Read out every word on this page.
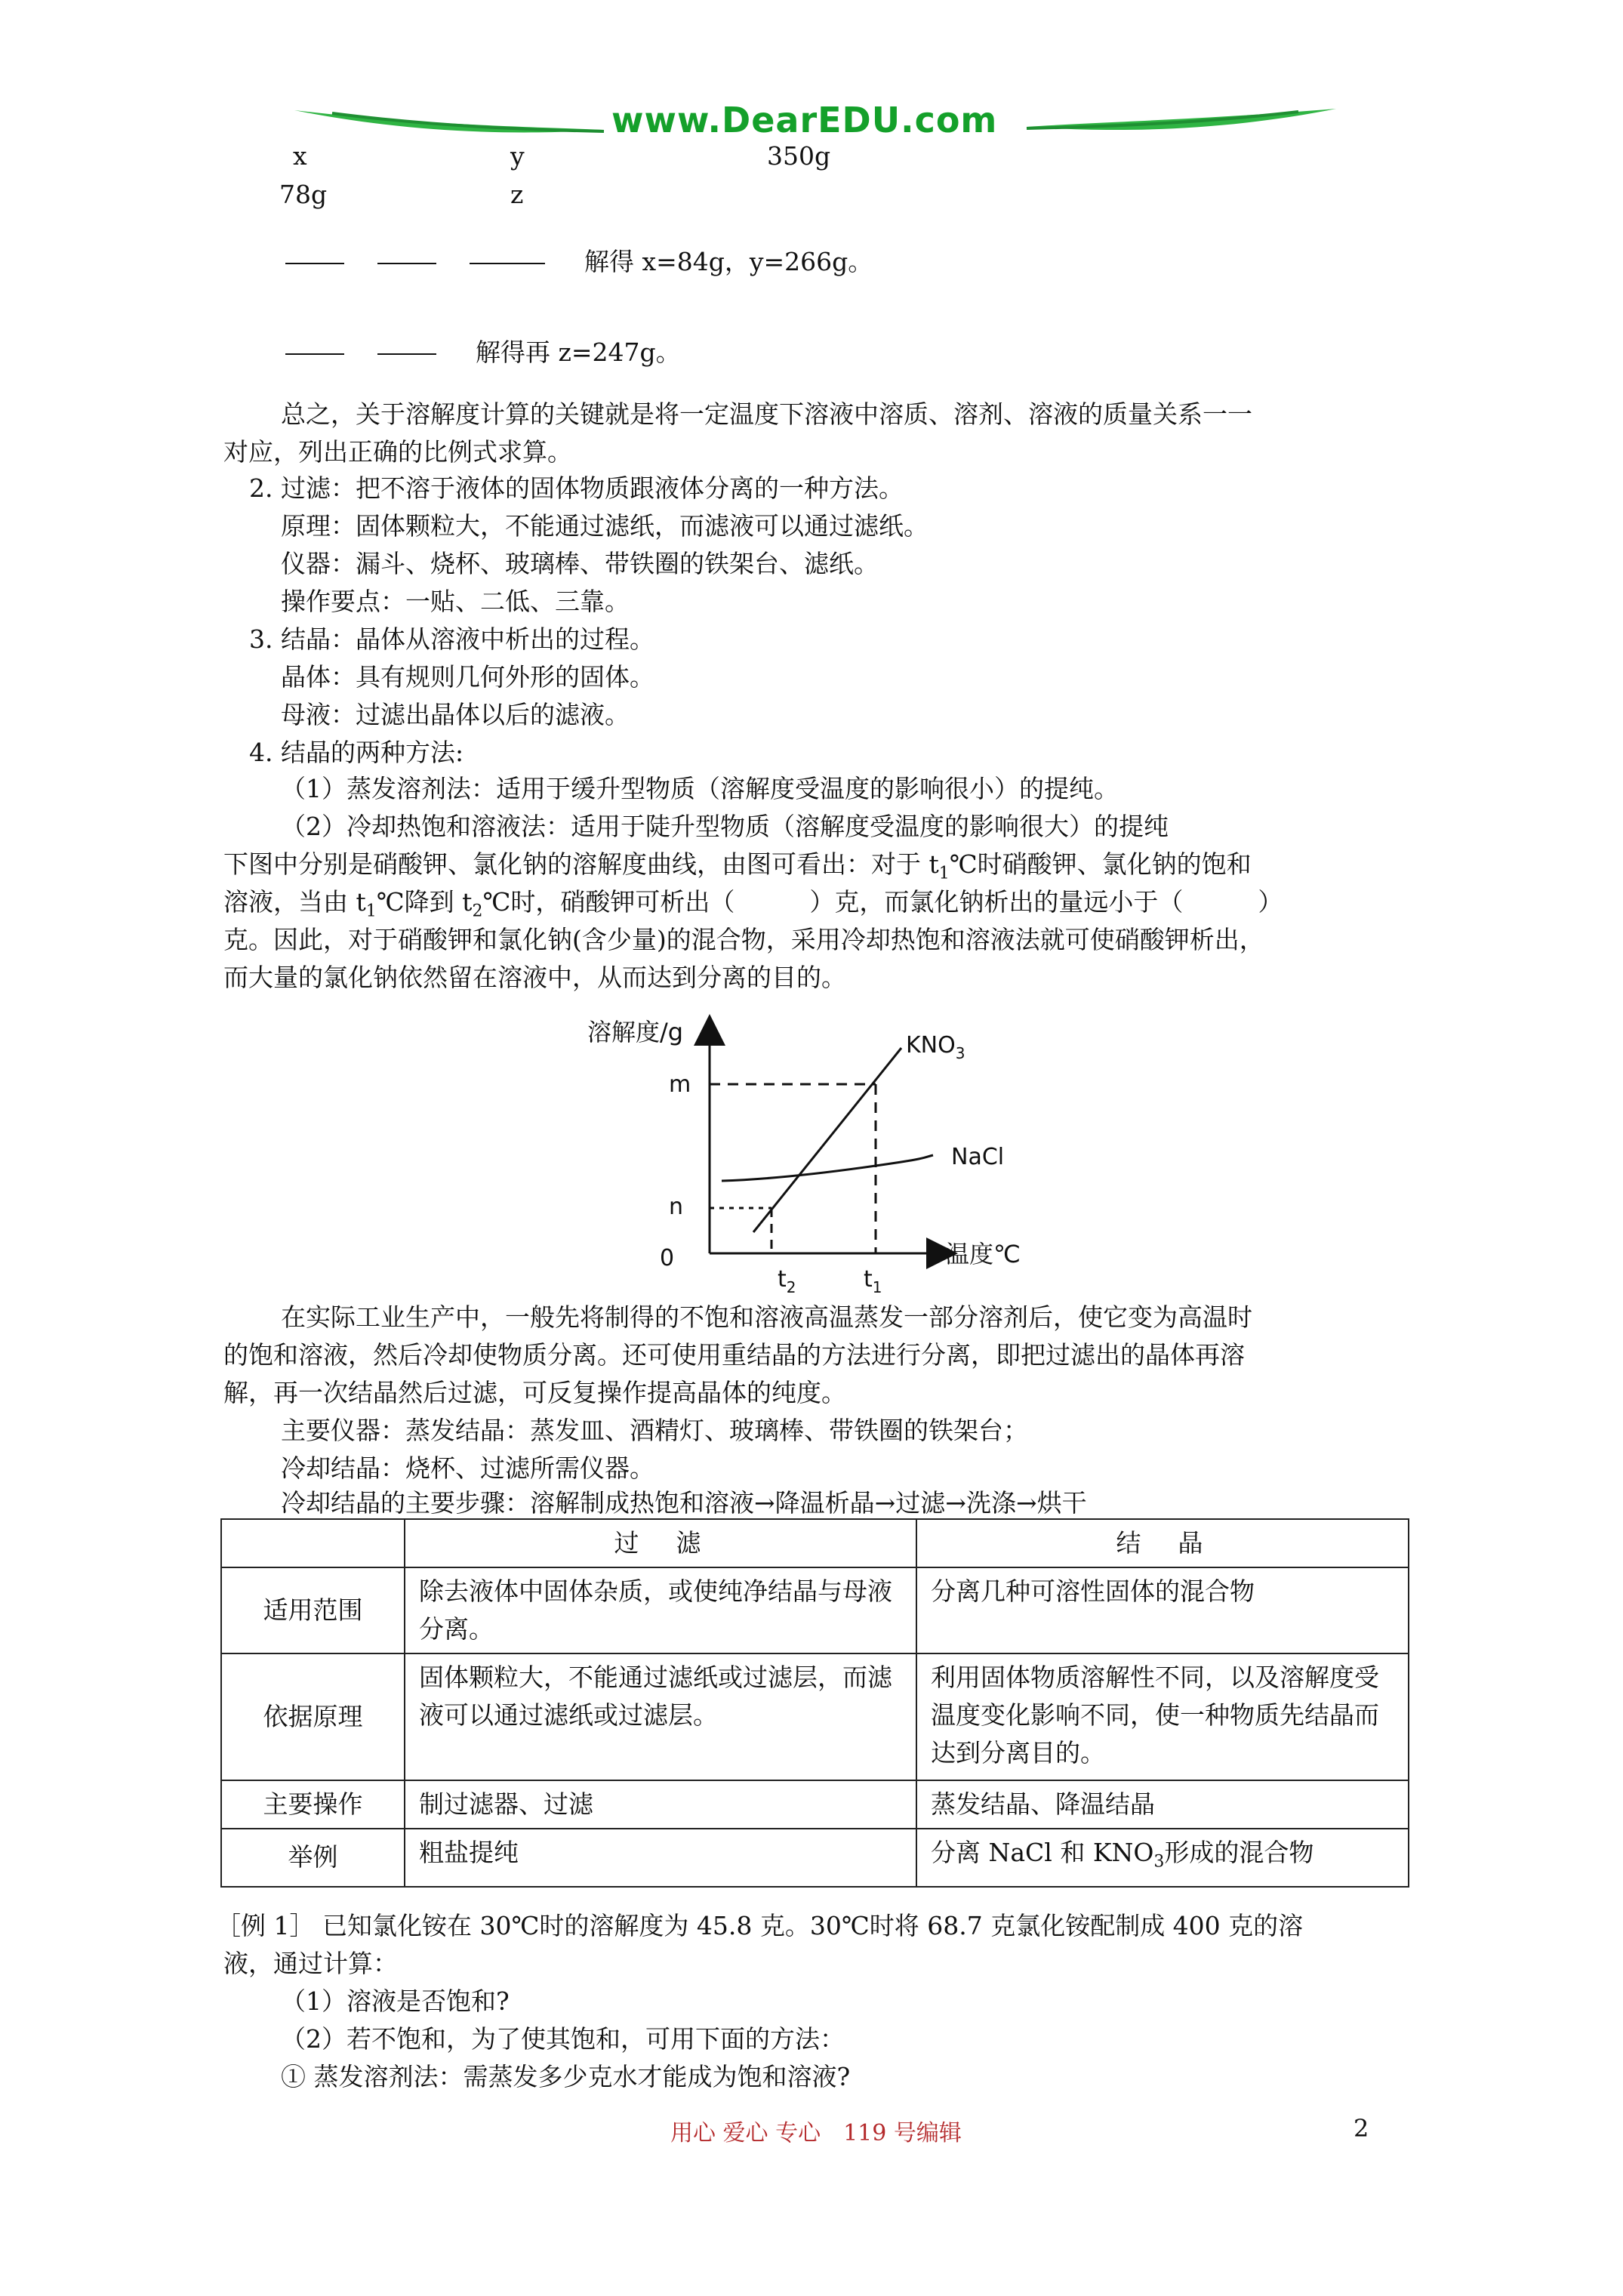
www.DearEDU.com
x	y	350g
78g	z
解得 x=84g，y=266g。
解得再 z=247g。
总之，关于溶解度计算的关键就是将一定温度下溶液中溶质、溶剂、溶液的质量关系一一
对应，列出正确的比例式求算。
2. 过滤：把不溶于液体的固体物质跟液体分离的一种方法。
原理：固体颗粒大，不能通过滤纸，而滤液可以通过滤纸。
仪器：漏斗、烧杯、玻璃棒、带铁圈的铁架台、滤纸。
操作要点：一贴、二低、三靠。
3. 结晶：晶体从溶液中析出的过程。
晶体：具有规则几何外形的固体。
母液：过滤出晶体以后的滤液。
4. 结晶的两种方法:
（1）蒸发溶剂法：适用于缓升型物质（溶解度受温度的影响很小）的提纯。
（2）冷却热饱和溶液法：适用于陡升型物质（溶解度受温度的影响很大）的提纯
下图中分别是硝酸钾、氯化钠的溶解度曲线，由图可看出：对于 $t_1℃$时硝酸钾、氯化钠的饱和
溶液，当由 $t_1℃$降到 $t_2℃$时，硝酸钾可析出（　　　）克，而氯化钠析出的量远小于（　　　）
克。因此，对于硝酸钾和氯化钠(含少量)的混合物，采用冷却热饱和溶液法就可使硝酸钾析出，
而大量的氯化钠依然留在溶液中，从而达到分离的目的。
溶解度/g
温度℃
0
m
n
$t_2$	$t_1$
$KNO_3$
NaCl
在实际工业生产中，一般先将制得的不饱和溶液高温蒸发一部分溶剂后，使它变为高温时
的饱和溶液，然后冷却使物质分离。还可使用重结晶的方法进行分离，即把过滤出的晶体再溶
解，再一次结晶然后过滤，可反复操作提高晶体的纯度。
主要仪器：蒸发结晶：蒸发皿、酒精灯、玻璃棒、带铁圈的铁架台；
冷却结晶：烧杯、过滤所需仪器。
冷却结晶的主要步骤：溶解制成热饱和溶液→降温析晶→过滤→洗涤→烘干
	过　滤	结　晶
适用范围	除去液体中固体杂质，或使纯净结晶与母液分离。	分离几种可溶性固体的混合物
依据原理	固体颗粒大，不能通过滤纸或过滤层，而滤液可以通过滤纸或过滤层。	利用固体物质溶解性不同，以及溶解度受温度变化影响不同，使一种物质先结晶而达到分离目的。
主要操作	制过滤器、过滤	蒸发结晶、降温结晶
举例	粗盐提纯	分离 NaCl 和 $KNO_3$形成的混合物
［例 1］ 已知氯化铵在 30℃时的溶解度为 45.8 克。30℃时将 68.7 克氯化铵配制成 400 克的溶
液，通过计算：
（1）溶液是否饱和?
（2）若不饱和，为了使其饱和，可用下面的方法：
① 蒸发溶剂法：需蒸发多少克水才能成为饱和溶液?
用心 爱心 专心　119 号编辑	2
